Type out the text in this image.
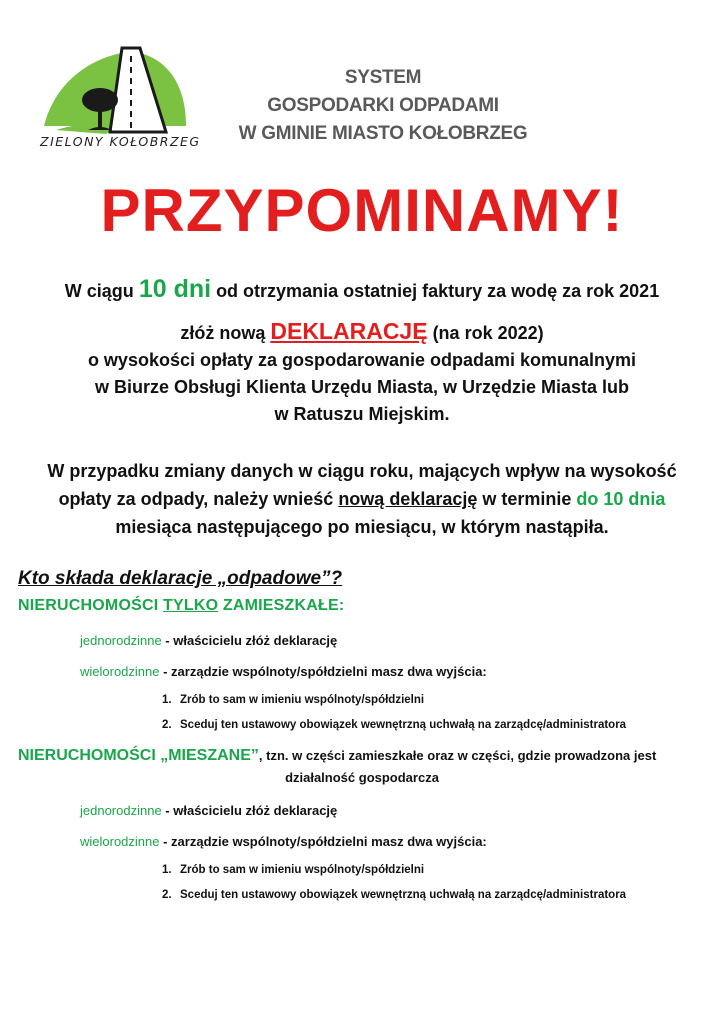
ZIELONY KOŁOBRZEG
SYSTEM
GOSPODARKI ODPADAMI
W GMINIE MIASTO KOŁOBRZEG
PRZYPOMINAMY!
W ciągu 10 dni od otrzymania ostatniej faktury za wodę za rok 2021
złóż nową DEKLARACJĘ (na rok 2022)
o wysokości opłaty za gospodarowanie odpadami komunalnymi
w Biurze Obsługi Klienta Urzędu Miasta, w Urzędzie Miasta lub
w Ratuszu Miejskim.
W przypadku zmiany danych w ciągu roku, mających wpływ na wysokość
opłaty za odpady, należy wnieść nową deklarację w terminie do 10 dnia
miesiąca następującego po miesiącu, w którym nastąpiła.
Kto składa deklaracje „odpadowe”?
NIERUCHOMOŚCI TYLKO ZAMIESZKAŁE:
jednorodzinne - właścicielu złóż deklarację
wielorodzinne - zarządzie wspólnoty/spółdzielni masz dwa wyjścia:
1. Zrób to sam w imieniu wspólnoty/spółdzielni
2. Sceduj ten ustawowy obowiązek wewnętrzną uchwałą na zarządcę/administratora
NIERUCHOMOŚCI „MIESZANE”, tzn. w części zamieszkałe oraz w części, gdzie prowadzona jest
działalność gospodarcza
jednorodzinne - właścicielu złóż deklarację
wielorodzinne - zarządzie wspólnoty/spółdzielni masz dwa wyjścia:
1. Zrób to sam w imieniu wspólnoty/spółdzielni
2. Sceduj ten ustawowy obowiązek wewnętrzną uchwałą na zarządcę/administratora
